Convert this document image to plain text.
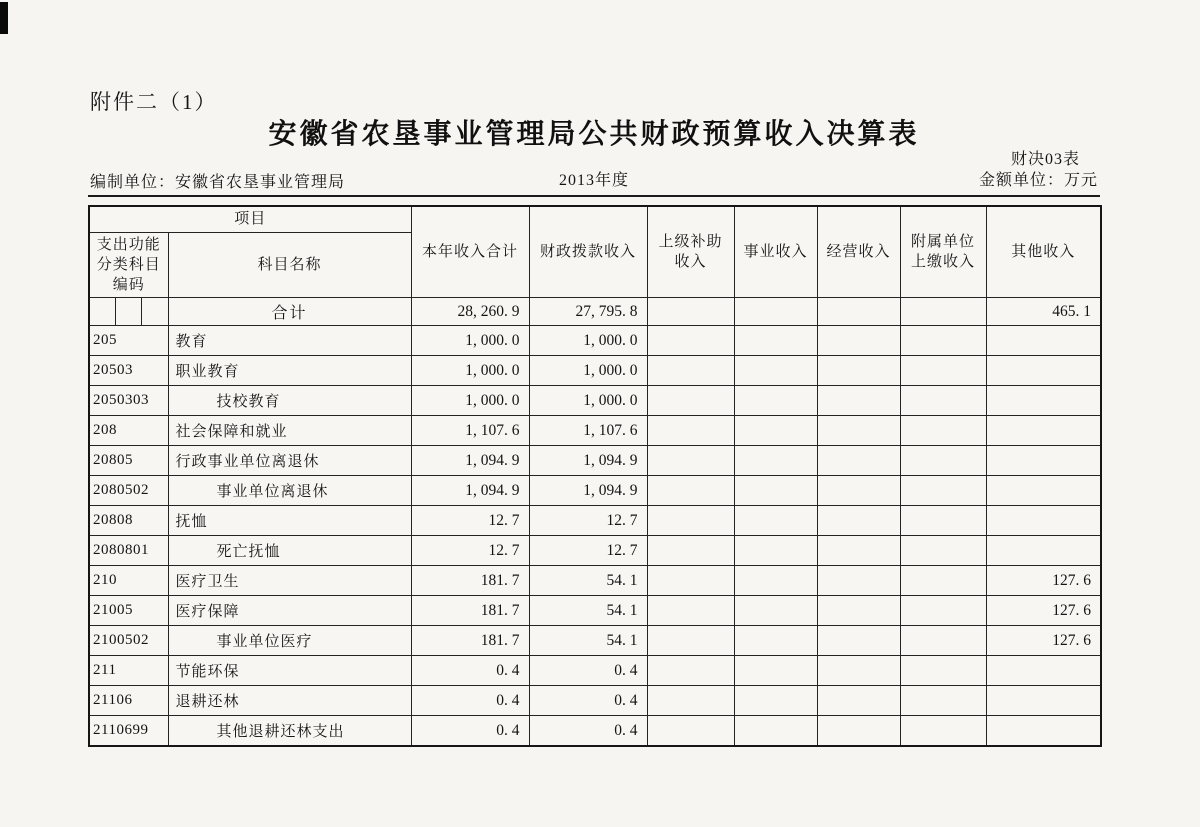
附件二（1）
安徽省农垦事业管理局公共财政预算收入决算表
财决03表
编制单位：安徽省农垦事业管理局	2013年度	金额单位：万元
项目		本年收入合计	财政拨款收入	上级补助收入	事业收入	经营收入	附属单位上缴收入	其他收入
支出功能分类科目编码	科目名称							

	合计	28, 260. 9	27, 795. 8					465. 1
205	教育	1, 000. 0	1, 000. 0					
20503	职业教育	1, 000. 0	1, 000. 0					
2050303	技校教育	1, 000. 0	1, 000. 0					
208	社会保障和就业	1, 107. 6	1, 107. 6					
20805	行政事业单位离退休	1, 094. 9	1, 094. 9					
2080502	事业单位离退休	1, 094. 9	1, 094. 9					
20808	抚恤	12. 7	12. 7					
2080801	死亡抚恤	12. 7	12. 7					
210	医疗卫生	181. 7	54. 1					127. 6
21005	医疗保障	181. 7	54. 1					127. 6
2100502	事业单位医疗	181. 7	54. 1					127. 6
211	节能环保	0. 4	0. 4					
21106	退耕还林	0. 4	0. 4					
2110699	其他退耕还林支出	0. 4	0. 4					
